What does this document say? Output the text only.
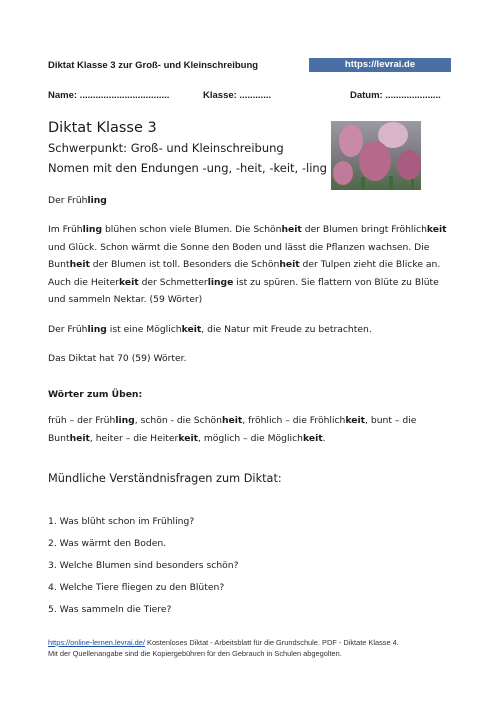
Diktat Klasse 3 zur Groß- und Kleinschreibung	https://levrai.de
Name: ..................................	Klasse: ............	Datum: .....................
Diktat Klasse 3
Schwerpunkt: Groß- und Kleinschreibung
Nomen mit den Endungen -ung, -heit, -keit, -ling
Der Frühling
Im Frühling blühen schon viele Blumen. Die Schönheit der Blumen bringt Fröhlichkeit
und Glück. Schon wärmt die Sonne den Boden und lässt die Pflanzen wachsen. Die
Buntheit der Blumen ist toll. Besonders die Schönheit der Tulpen zieht die Blicke an.
Auch die Heiterkeit der Schmetterlinge ist zu spüren. Sie flattern von Blüte zu Blüte
und sammeln Nektar. (59 Wörter)
Der Frühling ist eine Möglichkeit, die Natur mit Freude zu betrachten.
Das Diktat hat 70 (59) Wörter.
Wörter zum Üben:
früh – der Frühling, schön - die Schönheit, fröhlich – die Fröhlichkeit, bunt – die
Buntheit, heiter – die Heiterkeit, möglich – die Möglichkeit.
Mündliche Verständnisfragen zum Diktat:
1. Was blüht schon im Frühling?
2. Was wärmt den Boden.
3. Welche Blumen sind besonders schön?
4. Welche Tiere fliegen zu den Blüten?
5. Was sammeln die Tiere?
https://online-lernen.levrai.de/ Kostenloses Diktat - Arbeitsblatt für die Grundschule. PDF - Diktate Klasse 4.
Mit der Quellenangabe sind die Kopiergebühren für den Gebrauch in Schulen abgegolten.
